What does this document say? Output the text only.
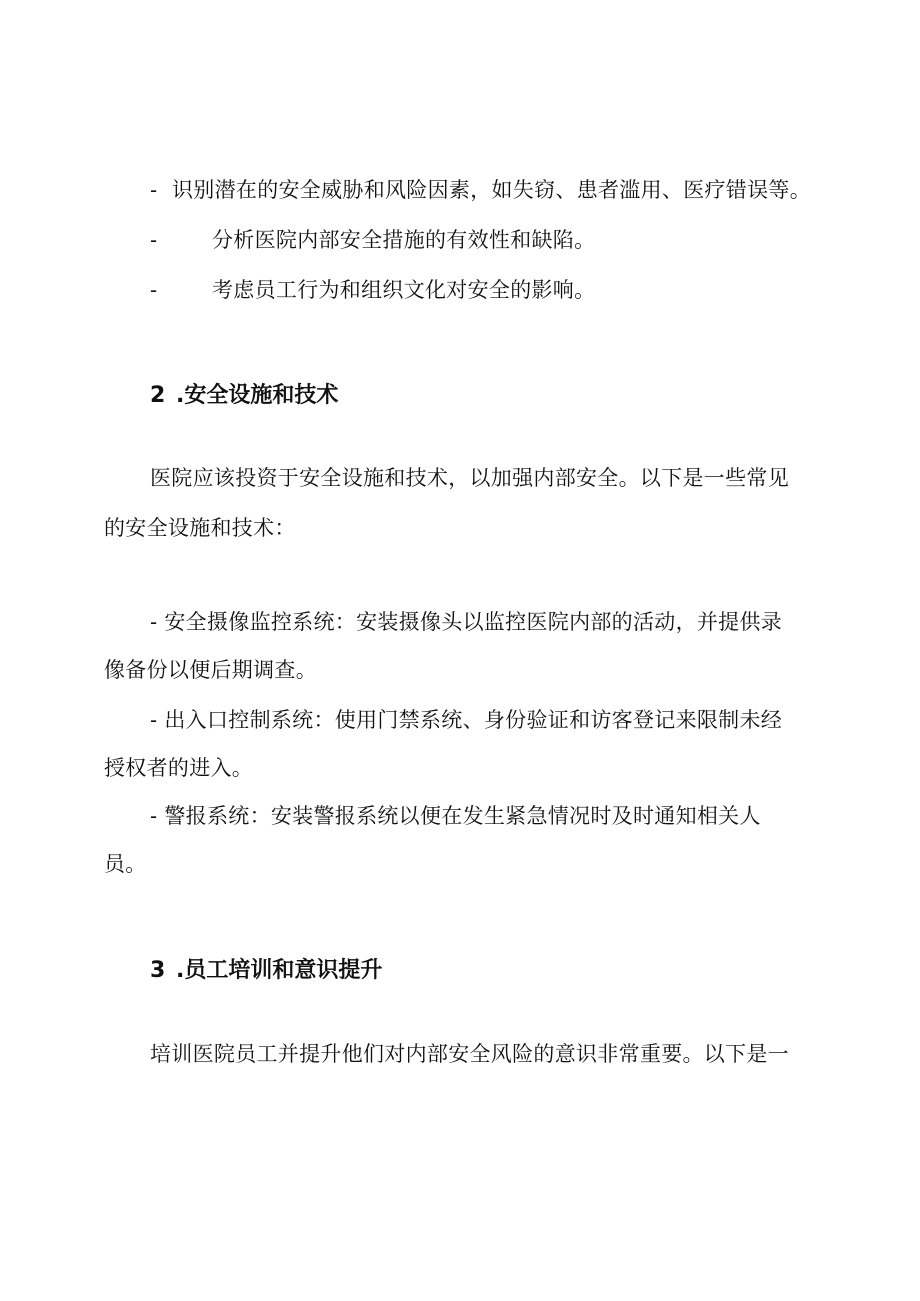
- 识别潜在的安全威胁和风险因素，如失窃、患者滥用、医疗错误等。
-	分析医院内部安全措施的有效性和缺陷。
-	考虑员工行为和组织文化对安全的影响。
2 .安全设施和技术
医院应该投资于安全设施和技术，以加强内部安全。以下是一些常见
的安全设施和技术：
- 安全摄像监控系统：安装摄像头以监控医院内部的活动，并提供录
像备份以便后期调查。
- 出入口控制系统：使用门禁系统、身份验证和访客登记来限制未经
授权者的进入。
- 警报系统：安装警报系统以便在发生紧急情况时及时通知相关人
员。
3 .员工培训和意识提升
培训医院员工并提升他们对内部安全风险的意识非常重要。以下是一
